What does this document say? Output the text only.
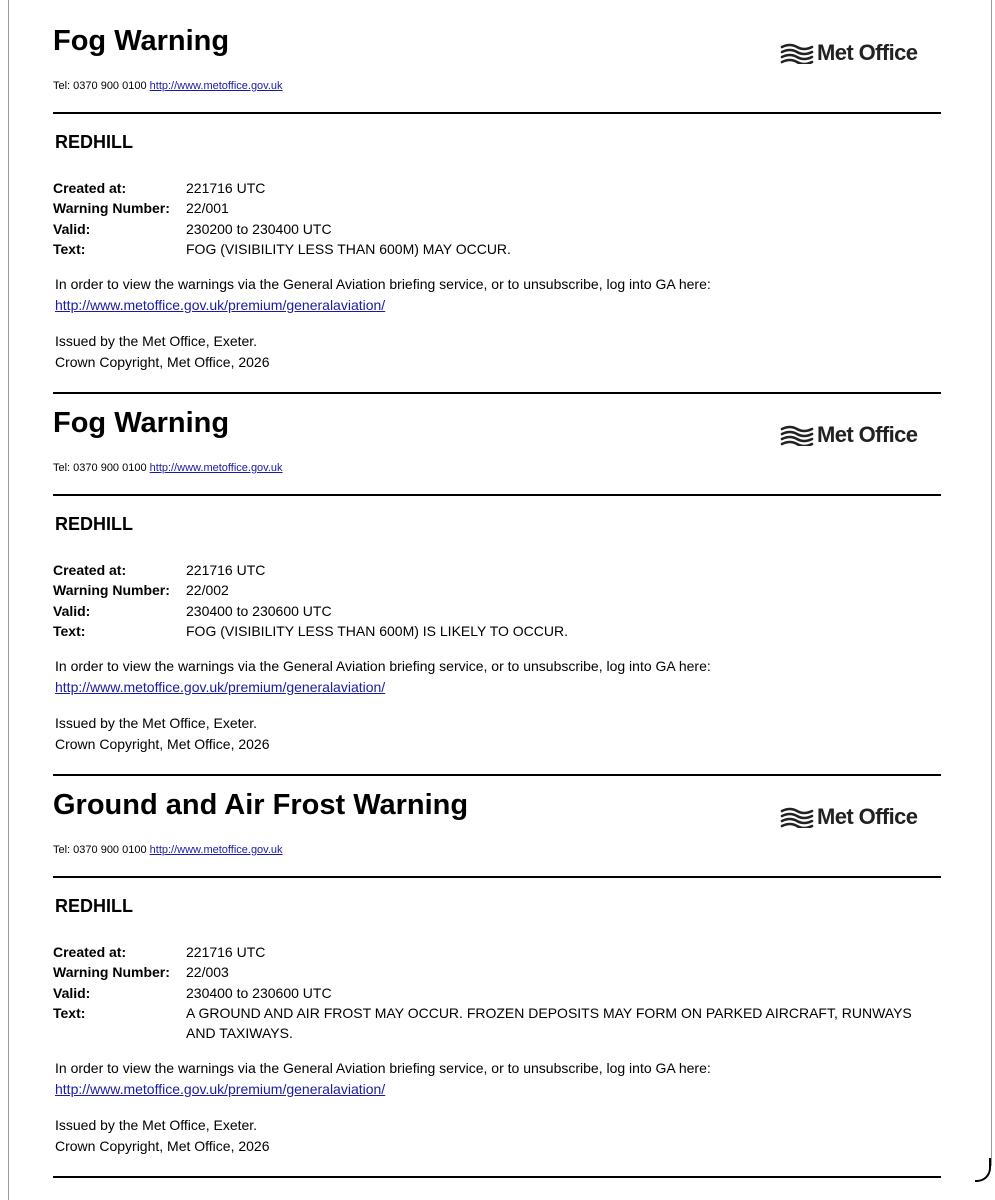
Fog Warning	Met Office
Tel: 0370 900 0100 http://www.metoffice.gov.uk
REDHILL
Created at:	221716 UTC
Warning Number:	22/001
Valid:	230200 to 230400 UTC
Text:	FOG (VISIBILITY LESS THAN 600M) MAY OCCUR.
In order to view the warnings via the General Aviation briefing service, or to unsubscribe, log into GA here:
http://www.metoffice.gov.uk/premium/generalaviation/
Issued by the Met Office, Exeter.
Crown Copyright, Met Office, 2026
Fog Warning	Met Office
Tel: 0370 900 0100 http://www.metoffice.gov.uk
REDHILL
Created at:	221716 UTC
Warning Number:	22/002
Valid:	230400 to 230600 UTC
Text:	FOG (VISIBILITY LESS THAN 600M) IS LIKELY TO OCCUR.
In order to view the warnings via the General Aviation briefing service, or to unsubscribe, log into GA here:
http://www.metoffice.gov.uk/premium/generalaviation/
Issued by the Met Office, Exeter.
Crown Copyright, Met Office, 2026
Ground and Air Frost Warning	Met Office
Tel: 0370 900 0100 http://www.metoffice.gov.uk
REDHILL
Created at:	221716 UTC
Warning Number:	22/003
Valid:	230400 to 230600 UTC
Text:	A GROUND AND AIR FROST MAY OCCUR. FROZEN DEPOSITS MAY FORM ON PARKED AIRCRAFT, RUNWAYS AND TAXIWAYS.
In order to view the warnings via the General Aviation briefing service, or to unsubscribe, log into GA here:
http://www.metoffice.gov.uk/premium/generalaviation/
Issued by the Met Office, Exeter.
Crown Copyright, Met Office, 2026
